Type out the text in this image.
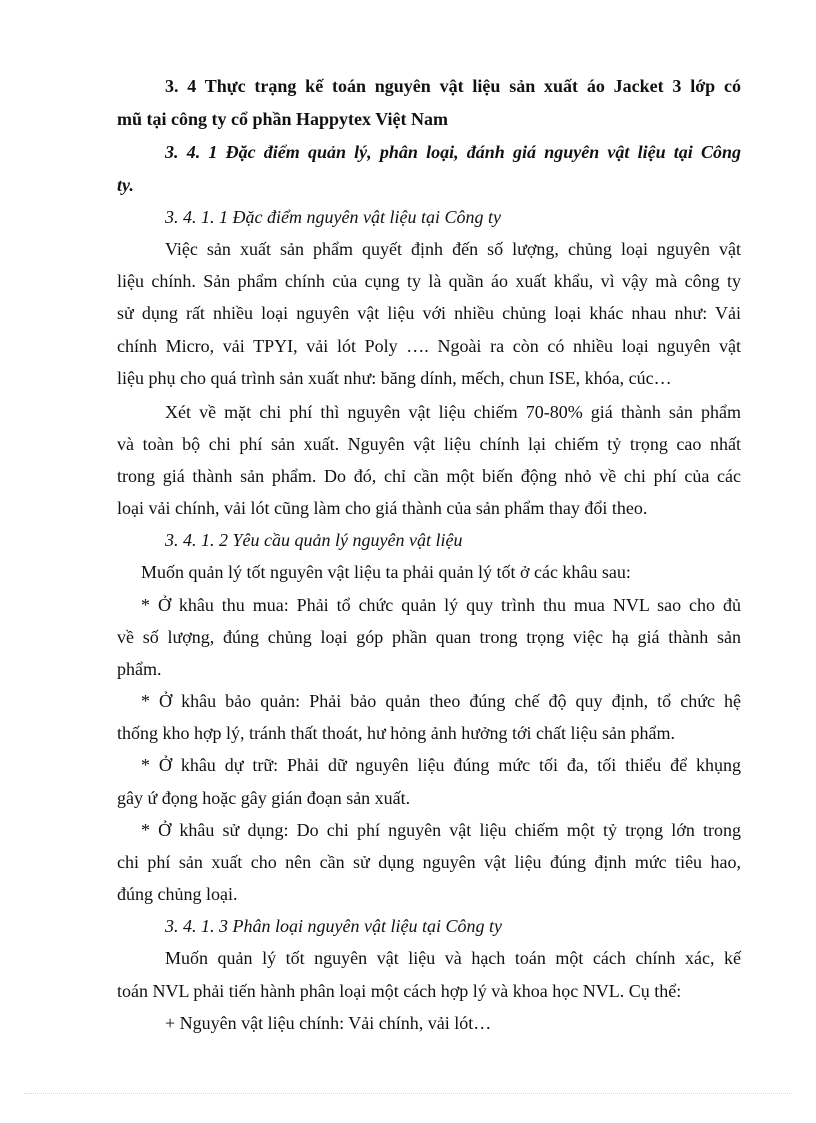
3. 4 Thực trạng kế toán nguyên vật liệu sản xuất áo Jacket 3 lớp có
mũ tại công ty cổ phần Happytex Việt Nam
3. 4. 1 Đặc điểm quản lý, phân loại, đánh giá nguyên vật liệu tại Công
ty.
3. 4. 1. 1 Đặc điểm nguyên vật liệu tại Công ty
Việc sản xuất sản phẩm quyết định đến số lượng, chủng loại nguyên vật
liệu chính. Sản phẩm chính của cụng ty là quần áo xuất khẩu, vì vậy mà công ty
sử dụng rất nhiều loại nguyên vật liệu với nhiều chủng loại khác nhau như: Vải
chính Micro, vải TPYI, vải lót Poly …. Ngoài ra còn có nhiều loại nguyên vật
liệu phụ cho quá trình sản xuất như: băng dính, mếch, chun ISE, khóa, cúc…
Xét về mặt chi phí thì nguyên vật liệu chiếm 70-80% giá thành sản phẩm
và toàn bộ chi phí sản xuất. Nguyên vật liệu chính lại chiếm tỷ trọng cao nhất
trong giá thành sản phẩm. Do đó, chỉ cần một biến động nhỏ về chi phí của các
loại vải chính, vải lót cũng làm cho giá thành của sản phẩm thay đổi theo.
3. 4. 1. 2 Yêu cầu quản lý nguyên vật liệu
Muốn quản lý tốt nguyên vật liệu ta phải quản lý tốt ở các khâu sau:
* Ở khâu thu mua: Phải tổ chức quản lý quy trình thu mua NVL sao cho đủ
về số lượng, đúng chủng loại góp phần quan trong trọng việc hạ giá thành sản
phẩm.
* Ở khâu bảo quản: Phải bảo quản theo đúng chế độ quy định, tổ chức hệ
thống kho hợp lý, tránh thất thoát, hư hỏng ảnh hưởng tới chất liệu sản phẩm.
* Ở khâu dự trữ: Phải dữ nguyên liệu đúng mức tối đa, tối thiểu để khụng
gây ứ đọng hoặc gây gián đoạn sản xuất.
* Ở khâu sử dụng: Do chi phí nguyên vật liệu chiếm một tỷ trọng lớn trong
chi phí sản xuất cho nên cần sử dụng nguyên vật liệu đúng định mức tiêu hao,
đúng chủng loại.
3. 4. 1. 3 Phân loại nguyên vật liệu tại Công ty
Muốn quản lý tốt nguyên vật liệu và hạch toán một cách chính xác, kế
toán NVL phải tiến hành phân loại một cách hợp lý và khoa học NVL. Cụ thể:
+ Nguyên vật liệu chính: Vải chính, vải lót…
